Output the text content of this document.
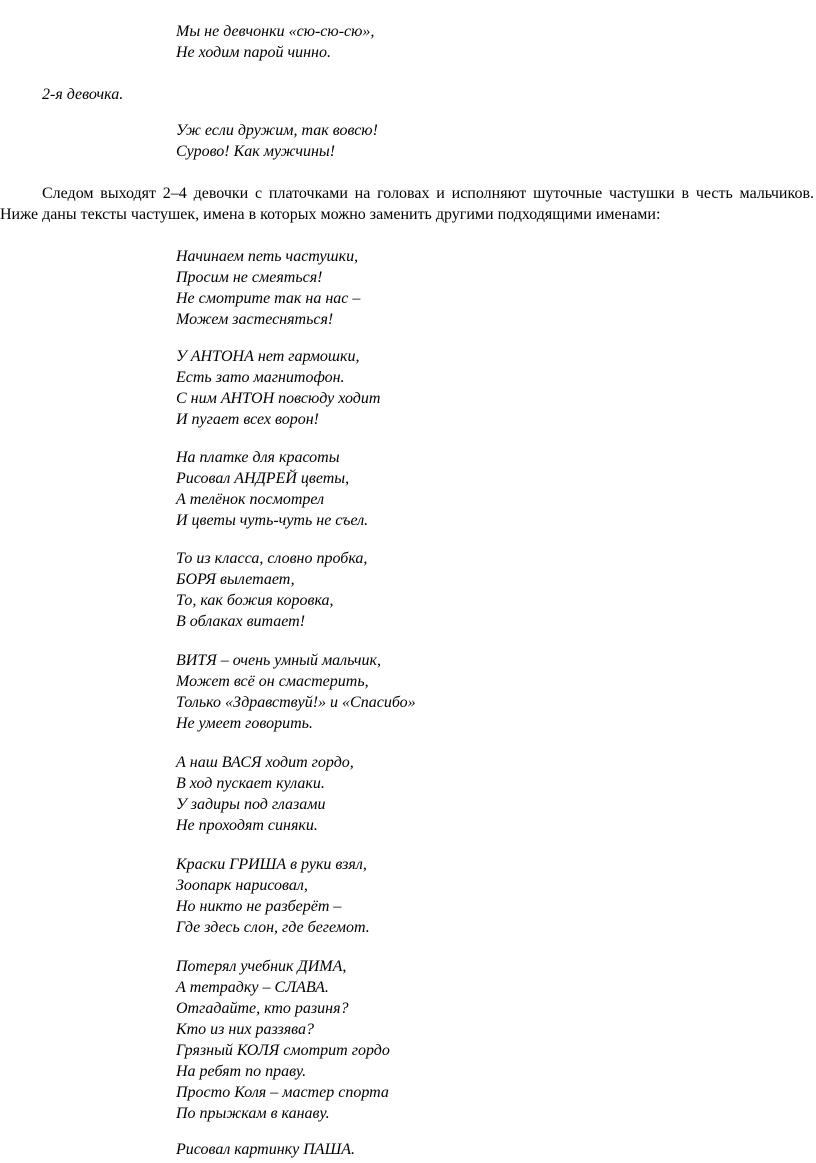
Мы не девчонки «сю-сю-сю»,
Не ходим парой чинно.

2-я девочка.

Уж если дружим, так вовсю!
Сурово! Как мужчины!

Следом выходят 2–4 девочки с платочками на головах и исполняют шуточные частушки в честь мальчиков. Ниже даны тексты частушек, имена в которых можно заменить другими подходящими именами:

Начинаем петь частушки,
Просим не смеяться!
Не смотрите так на нас –
Можем застесняться!
У АНТОНА нет гармошки,
Есть зато магнитофон.
С ним АНТОН повсюду ходит
И пугает всех ворон!
На платке для красоты
Рисовал АНДРЕЙ цветы,
А телёнок посмотрел
И цветы чуть-чуть не съел.
То из класса, словно пробка,
БОРЯ вылетает,
То, как божия коровка,
В облаках витает!
ВИТЯ – очень умный мальчик,
Может всё он смастерить,
Только «Здравствуй!» и «Спасибо»
Не умеет говорить.
А наш ВАСЯ ходит гордо,
В ход пускает кулаки.
У задиры под глазами
Не проходят синяки.
Краски ГРИША в руки взял,
Зоопарк нарисовал,
Но никто не разберёт –
Где здесь слон, где бегемот.
Потерял учебник ДИМА,
А тетрадку – СЛАВА.
Отгадайте, кто разиня?
Кто из них раззява?
Грязный КОЛЯ смотрит гордо
На ребят по праву.
Просто Коля – мастер спорта
По прыжкам в канаву.
Рисовал картинку ПАША.
